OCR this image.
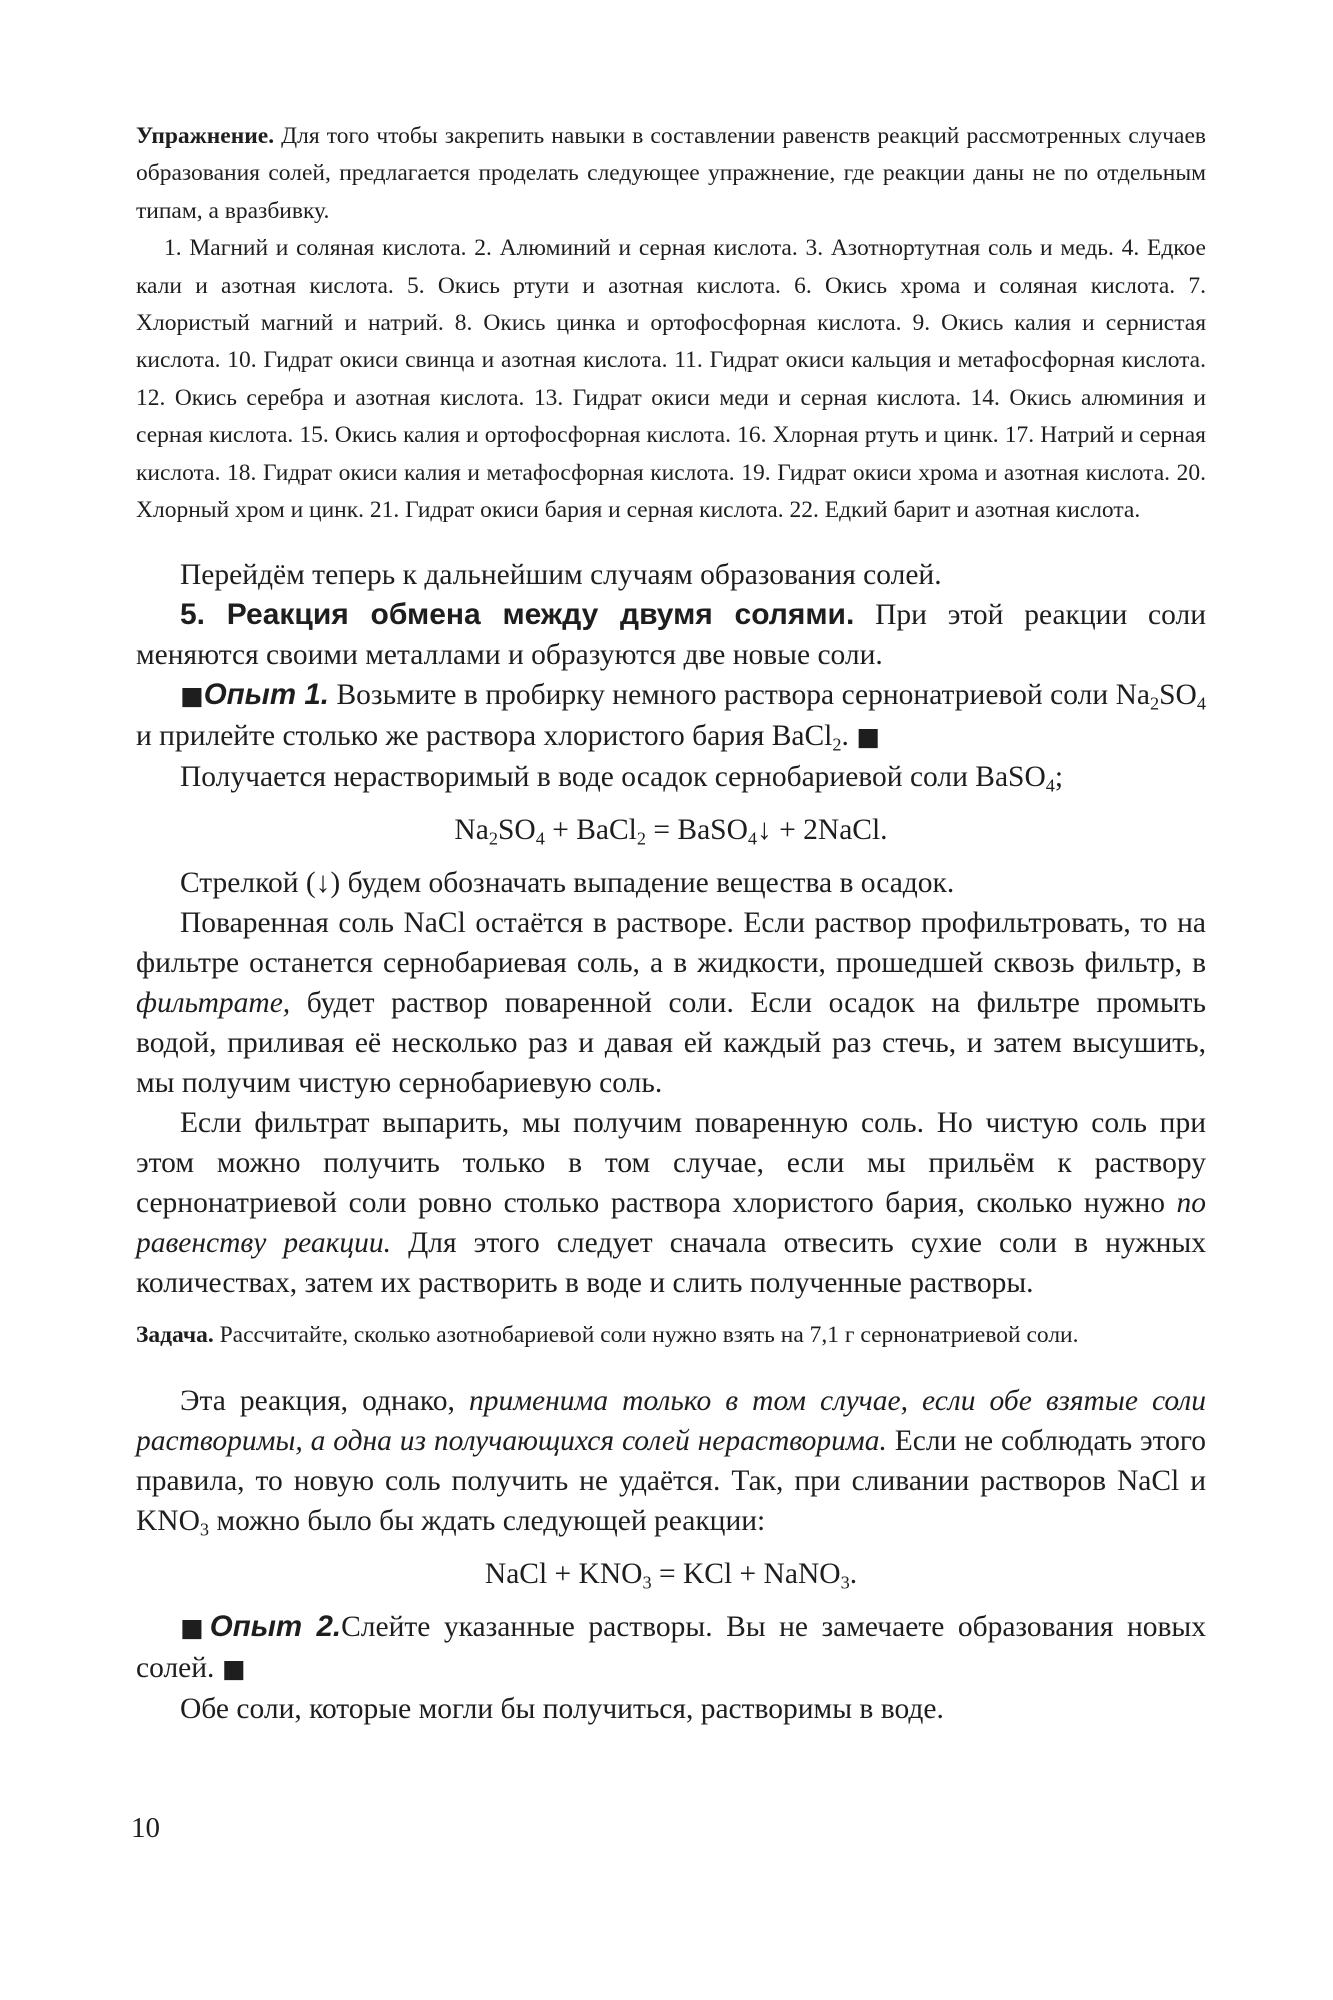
Упражнение. Для того чтобы закрепить навыки в составлении равенств реакций рассмотренных случаев образования солей, предлагается проделать следующее упражнение, где реакции даны не по отдельным типам, а вразбивку.

1. Магний и соляная кислота. 2. Алюминий и серная кислота. 3. Азотнортутная соль и медь. 4. Едкое кали и азотная кислота. 5. Окись ртути и азотная кислота. 6. Окись хрома и соляная кислота. 7. Хлористый магний и натрий. 8. Окись цинка и ортофосфорная кислота. 9. Окись калия и сернистая кислота. 10. Гидрат окиси свинца и азотная кислота. 11. Гидрат окиси кальция и метафосфорная кислота. 12. Окись серебра и азотная кислота. 13. Гидрат окиси меди и серная кислота. 14. Окись алюминия и серная кислота. 15. Окись калия и ортофосфорная кислота. 16. Хлорная ртуть и цинк. 17. Натрий и серная кислота. 18. Гидрат окиси калия и метафосфорная кислота. 19. Гидрат окиси хрома и азотная кислота. 20. Хлорный хром и цинк. 21. Гидрат окиси бария и серная кислота. 22. Едкий барит и азотная кислота.

Перейдём теперь к дальнейшим случаям образования солей.

5. Реакция обмена между двумя солями. При этой реакции соли меняются своими металлами и образуются две новые соли.

■Опыт 1. Возьмите в пробирку немного раствора сернонатриевой соли $Na_2SO_4$ и прилейте столько же раствора хлористого бария BaCl$_2$. ■

Получается нерастворимый в воде осадок сернобариевой соли BaSO$_4$;

$Na_2SO_4$ + BaCl$_2$ = BaSO$_4$↓ + 2NaCl.

Стрелкой (↓) будем обозначать выпадение вещества в осадок.

Поваренная соль NaCl остаётся в растворе. Если раствор профильтровать, то на фильтре останется сернобариевая соль, а в жидкости, прошедшей сквозь фильтр, в фильтрате, будет раствор поваренной соли. Если осадок на фильтре промыть водой, приливая её несколько раз и давая ей каждый раз стечь, и затем высушить, мы получим чистую сернобариевую соль.

Если фильтрат выпарить, мы получим поваренную соль. Но чистую соль при этом можно получить только в том случае, если мы прильём к раствору сернонатриевой соли ровно столько раствора хлористого бария, сколько нужно по равенству реакции. Для этого следует сначала отвесить сухие соли в нужных количествах, затем их растворить в воде и слить полученные растворы.

Задача. Рассчитайте, сколько азотнобариевой соли нужно взять на 7,1 г сернонатриевой соли.

Эта реакция, однако, применима только в том случае, если обе взятые соли растворимы, а одна из получающихся солей нерастворима. Если не соблюдать этого правила, то новую соль получить не удаётся. Так, при сливании растворов NaCl и $KNO_3$ можно было бы ждать следующей реакции:

NaCl + $KNO_3$ = KCl + NaNO$_3$.

■Опыт 2.Слейте указанные растворы. Вы не замечаете образования новых солей. ■

Обе соли, которые могли бы получиться, растворимы в воде.

10
